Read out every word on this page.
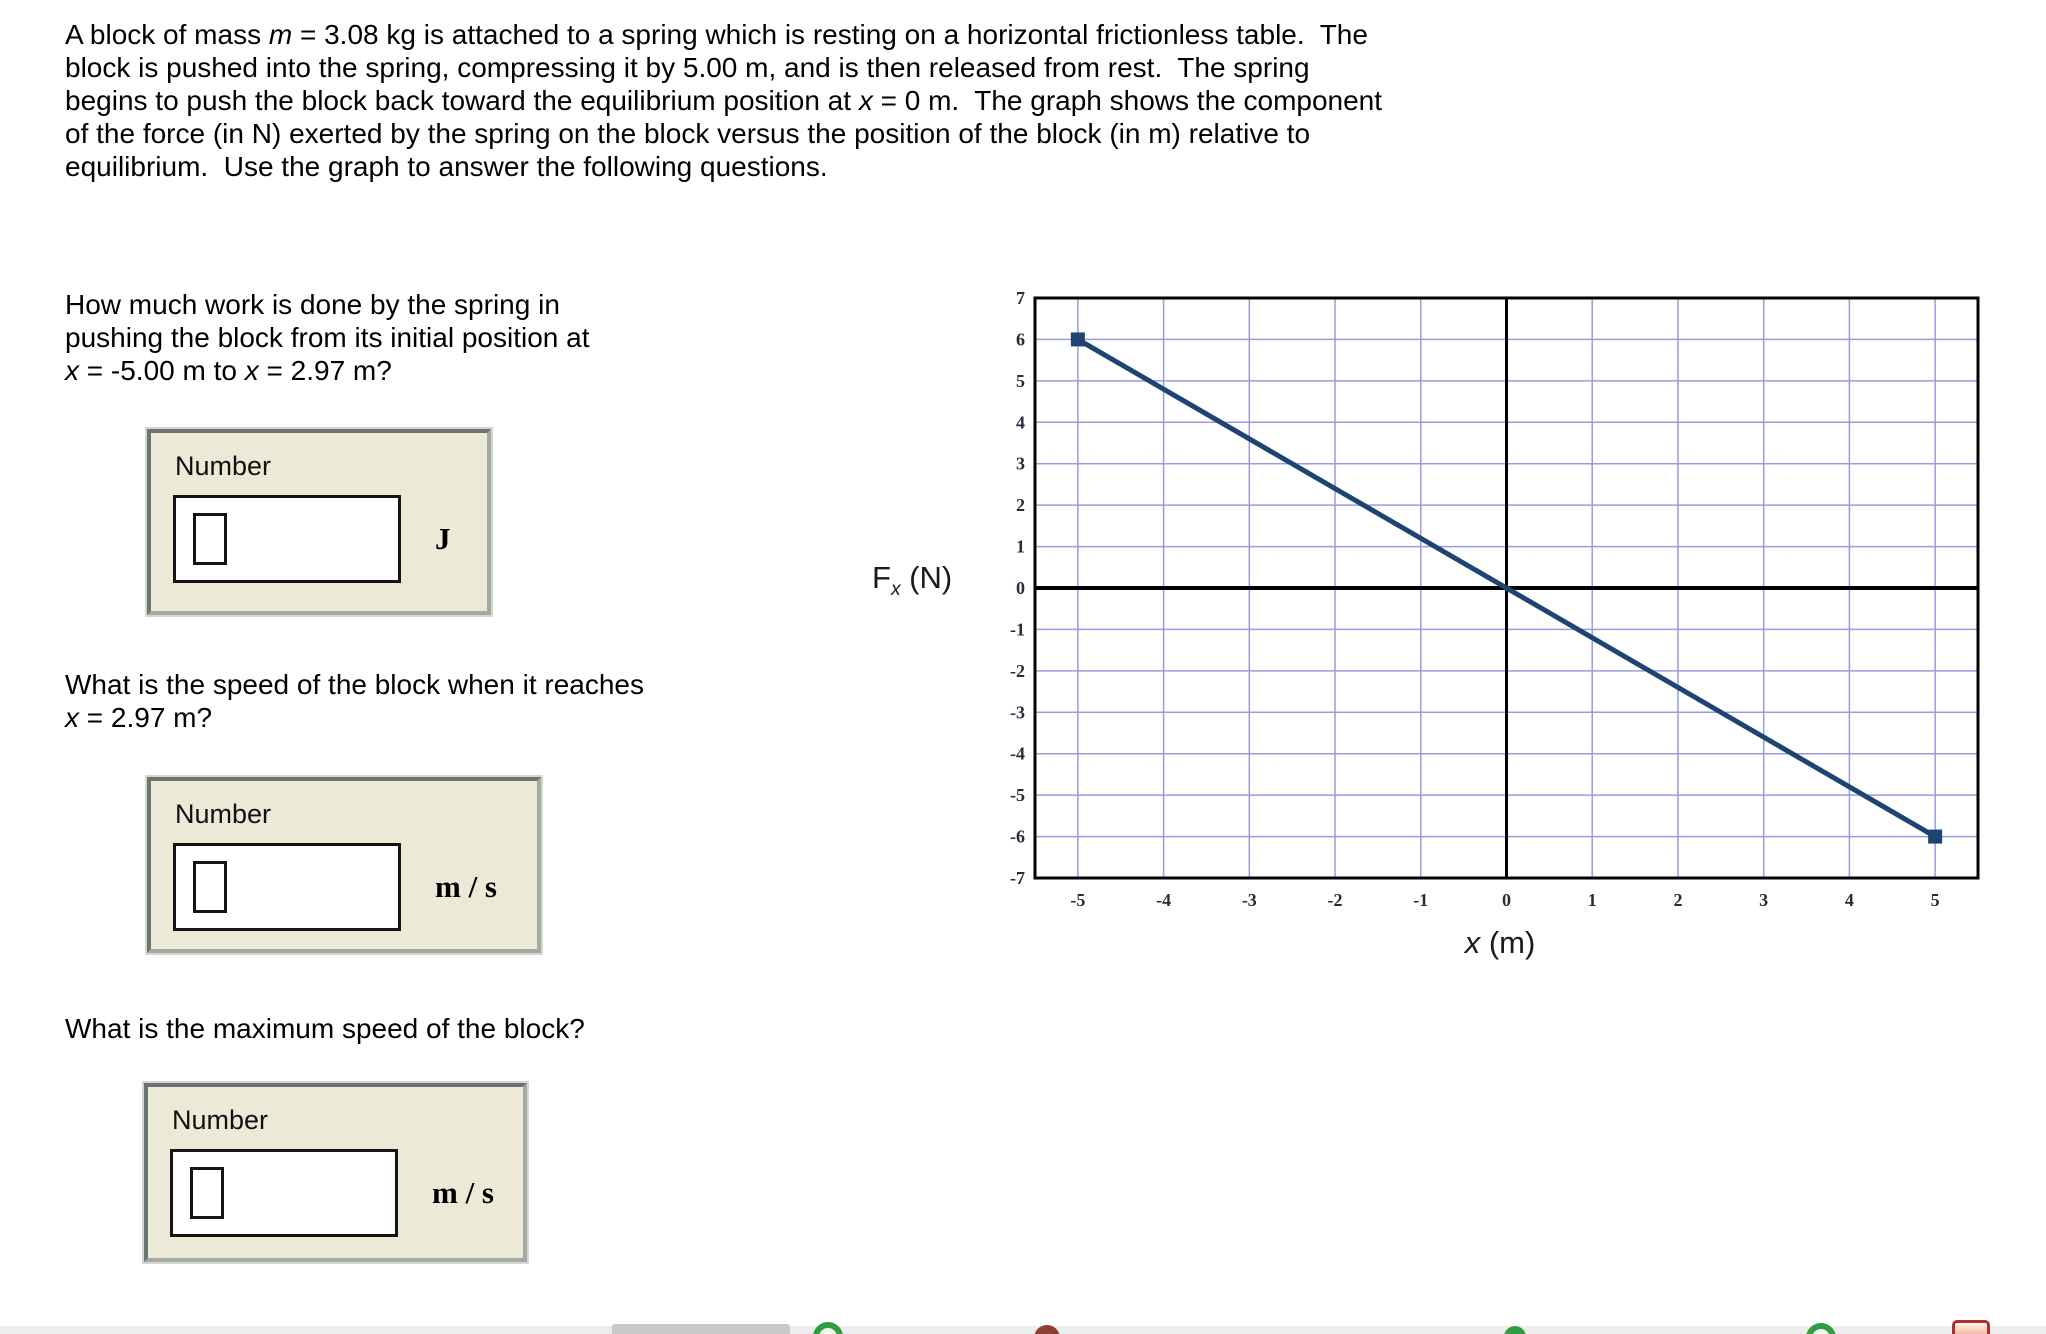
A block of mass m = 3.08 kg is attached to a spring which is resting on a horizontal frictionless table.  The
block is pushed into the spring, compressing it by 5.00 m, and is then released from rest.  The spring
begins to push the block back toward the equilibrium position at x = 0 m.  The graph shows the component
of the force (in N) exerted by the spring on the block versus the position of the block (in m) relative to
equilibrium.  Use the graph to answer the following questions.
How much work is done by the spring in
pushing the block from its initial position at
x = -5.00 m to x = 2.97 m?
Number
J
What is the speed of the block when it reaches
x = 2.97 m?
Number
m / s
What is the maximum speed of the block?
Number
m / s
7
6
5
4
3
2
1
0
-1
-2
-3
-4
-5
-6
-7
-5	-4	-3	-2	-1	0	1	2	3	4	5
$F_x$ (N)
x (m)
